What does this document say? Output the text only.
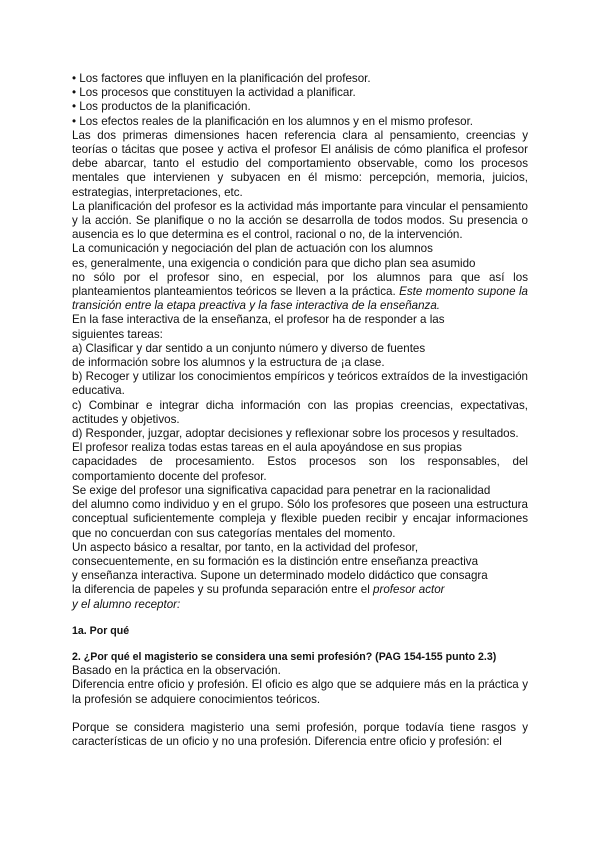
• Los factores que influyen en la planificación del profesor.

• Los procesos que constituyen la actividad a planificar.

• Los productos de la planificación.

• Los efectos reales de la planificación en los alumnos y en el mismo profesor.

Las dos primeras dimensiones hacen referencia clara al pensamiento, creencias y teorías o tácitas que posee y activa el profesor El análisis de cómo planifica el profesor debe abarcar, tanto el estudio del comportamiento observable, como los procesos mentales que intervienen y subyacen en él mismo: percepción, memoria, juicios, estrategias, interpretaciones, etc.

La planificación del profesor es la actividad más importante para vincular el pensamiento y la acción. Se planifique o no la acción se desarrolla de todos modos. Su presencia o ausencia es lo que determina es el control, racional o no, de la intervención.

La comunicación y negociación del plan de actuación con los alumnos

es, generalmente, una exigencia o condición para que dicho plan sea asumido

no sólo por el profesor sino, en especial, por los alumnos para que así los planteamientos planteamientos teóricos se lleven a la práctica. Este momento supone la transición entre la etapa preactiva y la fase interactiva de la enseñanza.

En la fase interactiva de la enseñanza, el profesor ha de responder a las

siguientes tareas:

a) Clasificar y dar sentido a un conjunto número y diverso de fuentes

de información sobre los alumnos y la estructura de ¡a clase.

b) Recoger y utilizar los conocimientos empíricos y teóricos extraídos de la investigación educativa.

c) Combinar e integrar dicha información con las propias creencias, expectativas, actitudes y objetivos.

d) Responder, juzgar, adoptar decisiones y reflexionar sobre los procesos y resultados.

El profesor realiza todas estas tareas en el aula apoyándose en sus propias

capacidades de procesamiento. Estos procesos son los responsables, del comportamiento docente del profesor.

Se exige del profesor una significativa capacidad para penetrar en la racionalidad

del alumno como individuo y en el grupo. Sólo los profesores que poseen una estructura conceptual suficientemente compleja y flexible pueden recibir y encajar informaciones que no concuerdan con sus categorías mentales del momento.

Un aspecto básico a resaltar, por tanto, en la actividad del profesor,

consecuentemente, en su formación es la distinción entre enseñanza preactiva

y enseñanza interactiva. Supone un determinado modelo didáctico que consagra

la diferencia de papeles y su profunda separación entre el profesor actor

y el alumno receptor:

1a. Por qué

2. ¿Por qué el magisterio se considera una semi profesión? (PAG 154-155 punto 2.3)

Basado en la práctica en la observación.

Diferencia entre oficio y profesión. El oficio es algo que se adquiere más en la práctica y la profesión se adquiere conocimientos teóricos.

Porque se considera magisterio una semi profesión, porque todavía tiene rasgos y características de un oficio y no una profesión. Diferencia entre oficio y profesión: el
